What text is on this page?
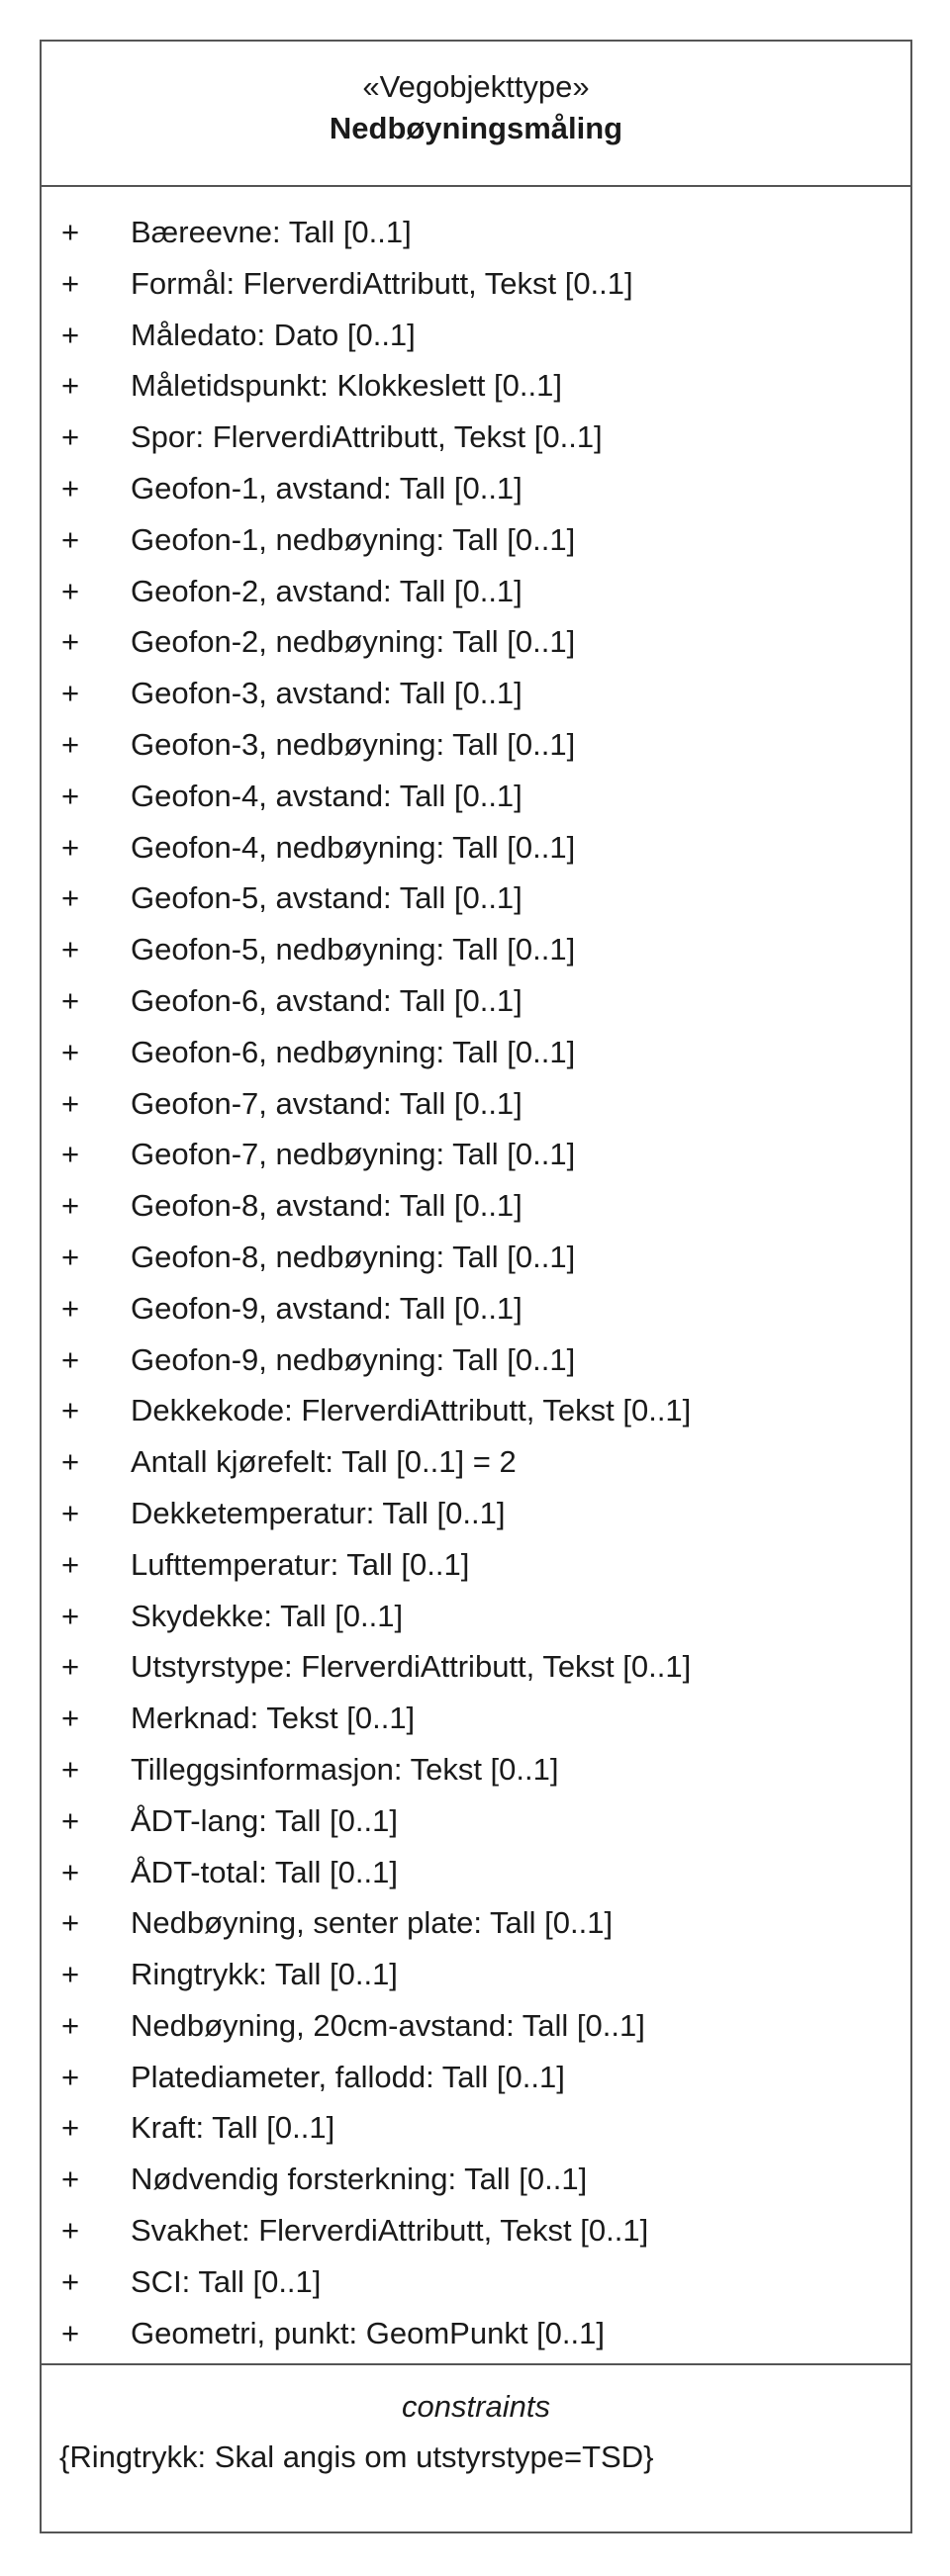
«Vegobjekttype»
Nedbøyningsmåling
+	Bæreevne: Tall [0..1]
+	Formål: FlerverdiAttributt, Tekst [0..1]
+	Måledato: Dato [0..1]
+	Måletidspunkt: Klokkeslett [0..1]
+	Spor: FlerverdiAttributt, Tekst [0..1]
+	Geofon-1, avstand: Tall [0..1]
+	Geofon-1, nedbøyning: Tall [0..1]
+	Geofon-2, avstand: Tall [0..1]
+	Geofon-2, nedbøyning: Tall [0..1]
+	Geofon-3, avstand: Tall [0..1]
+	Geofon-3, nedbøyning: Tall [0..1]
+	Geofon-4, avstand: Tall [0..1]
+	Geofon-4, nedbøyning: Tall [0..1]
+	Geofon-5, avstand: Tall [0..1]
+	Geofon-5, nedbøyning: Tall [0..1]
+	Geofon-6, avstand: Tall [0..1]
+	Geofon-6, nedbøyning: Tall [0..1]
+	Geofon-7, avstand: Tall [0..1]
+	Geofon-7, nedbøyning: Tall [0..1]
+	Geofon-8, avstand: Tall [0..1]
+	Geofon-8, nedbøyning: Tall [0..1]
+	Geofon-9, avstand: Tall [0..1]
+	Geofon-9, nedbøyning: Tall [0..1]
+	Dekkekode: FlerverdiAttributt, Tekst [0..1]
+	Antall kjørefelt: Tall [0..1] = 2
+	Dekketemperatur: Tall [0..1]
+	Lufttemperatur: Tall [0..1]
+	Skydekke: Tall [0..1]
+	Utstyrstype: FlerverdiAttributt, Tekst [0..1]
+	Merknad: Tekst [0..1]
+	Tilleggsinformasjon: Tekst [0..1]
+	ÅDT-lang: Tall [0..1]
+	ÅDT-total: Tall [0..1]
+	Nedbøyning, senter plate: Tall [0..1]
+	Ringtrykk: Tall [0..1]
+	Nedbøyning, 20cm-avstand: Tall [0..1]
+	Platediameter, fallodd: Tall [0..1]
+	Kraft: Tall [0..1]
+	Nødvendig forsterkning: Tall [0..1]
+	Svakhet: FlerverdiAttributt, Tekst [0..1]
+	SCI: Tall [0..1]
+	Geometri, punkt: GeomPunkt [0..1]
constraints
{Ringtrykk: Skal angis om utstyrstype=TSD}
